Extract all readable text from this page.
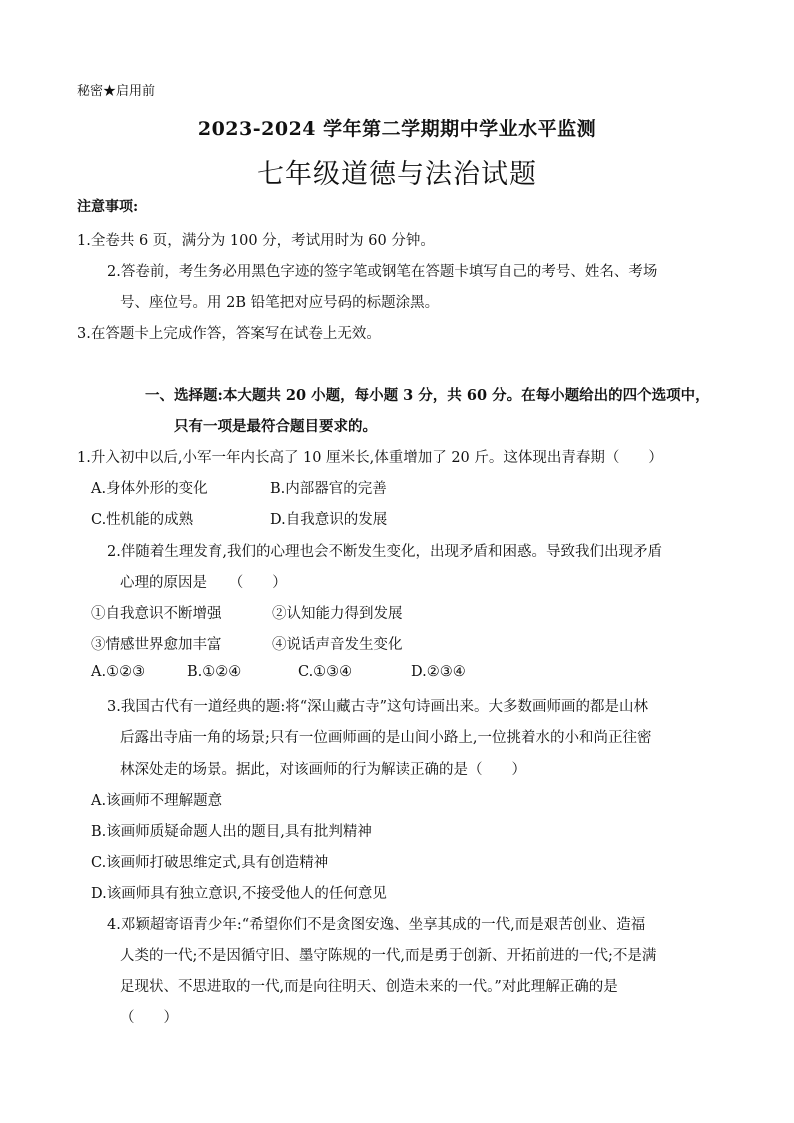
秘密★启用前
2023-2024 学年第二学期期中学业水平监测
七年级道德与法治试题
注意事项:
1.全卷共 6 页，满分为 100 分，考试用时为 60 分钟。
2.答卷前，考生务必用黑色字迹的签字笔或钢笔在答题卡填写自己的考号、姓名、考场
号、座位号。用 2B 铅笔把对应号码的标题涂黑。
3.在答题卡上完成作答，答案写在试卷上无效。
一、选择题:本大题共 20 小题，每小题 3 分，共 60 分。在每小题给出的四个选项中，
只有一项是最符合题目要求的。
1.升入初中以后,小军一年内长高了 10 厘米长,体重增加了 20 斤。这体现出青春期（　　）
A.身体外形的变化	B.内部器官的完善
C.性机能的成熟	D.自我意识的发展
2.伴随着生理发育,我们的心理也会不断发生变化，出现矛盾和困惑。导致我们出现矛盾
心理的原因是　　（　　）
①自我意识不断增强	②认知能力得到发展
③情感世界愈加丰富	④说话声音发生变化
A.①②③	B.①②④	C.①③④	D.②③④
3.我国古代有一道经典的题:将“深山藏古寺”这句诗画出来。大多数画师画的都是山林
后露出寺庙一角的场景;只有一位画师画的是山间小路上,一位挑着水的小和尚正往密
林深处走的场景。据此，对该画师的行为解读正确的是（　　）
A.该画师不理解题意
B.该画师质疑命题人出的题目,具有批判精神
C.该画师打破思维定式,具有创造精神
D.该画师具有独立意识,不接受他人的任何意见
4.邓颖超寄语青少年:“希望你们不是贪图安逸、坐享其成的一代,而是艰苦创业、造福
人类的一代;不是因循守旧、墨守陈规的一代,而是勇于创新、开拓前进的一代;不是满
足现状、不思进取的一代,而是向往明天、创造未来的一代。”对此理解正确的是
（　　）
